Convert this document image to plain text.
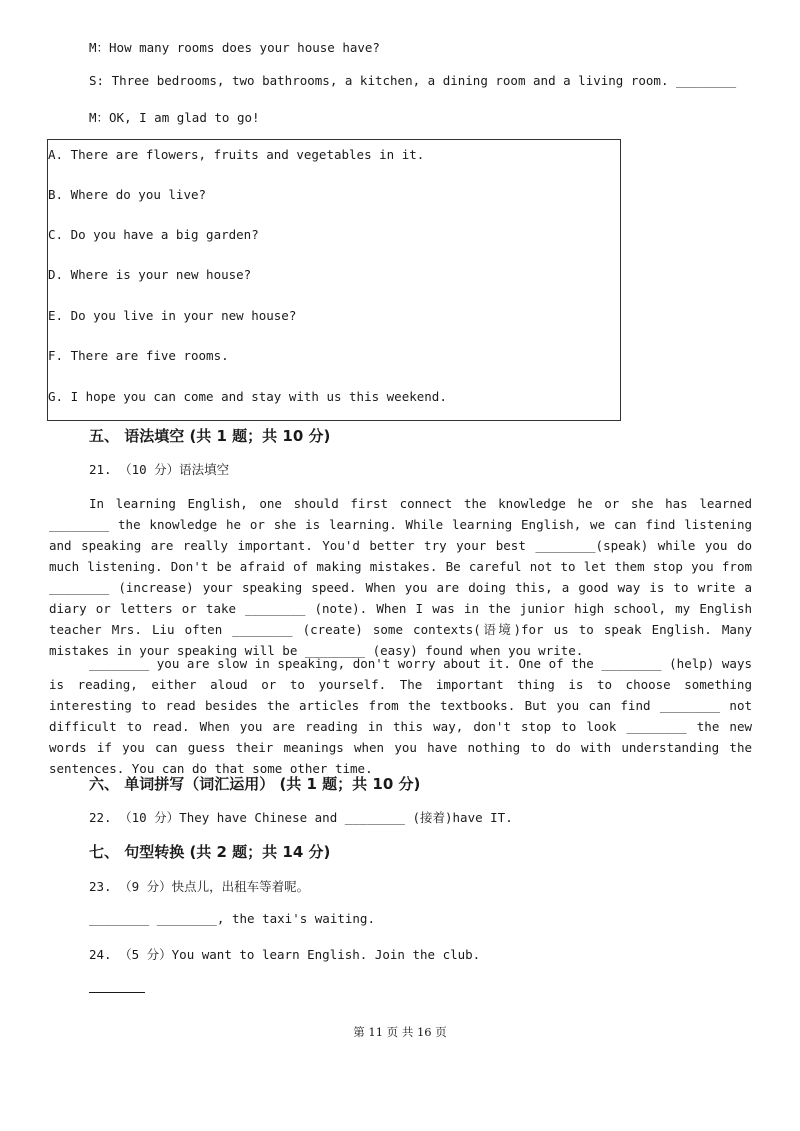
M：How many rooms does your house have?
S: Three bedrooms, two bathrooms, a kitchen, a dining room and a living room. ________
M：OK, I am glad to go!
A. There are flowers, fruits and vegetables in it.
B. Where do you live?
C. Do you have a big garden?
D. Where is your new house?
E. Do you live in your new house?
F. There are five rooms.
G. I hope you can come and stay with us this weekend.
五、 语法填空 (共 1 题；共 10 分)
21. （10 分）语法填空

In learning English, one should first connect the knowledge he or she has learned ________ the knowledge he or she is learning. While learning English, we can find listening and speaking are really important. You'd better try your best ________(speak) while you do much listening. Don't be afraid of making mistakes. Be careful not to let them stop you from ________ (increase) your speaking speed. When you are doing this, a good way is to write a diary or letters or take ________ (note). When I was in the junior high school, my English teacher Mrs. Liu often ________ (create) some contexts(语境)for us to speak English. Many mistakes in your speaking will be ________ (easy) found when you write.

________ you are slow in speaking, don't worry about it. One of the ________ (help) ways is reading, either aloud or to yourself. The important thing is to choose something interesting to read besides the articles from the textbooks. But you can find ________ not difficult to read. When you are reading in this way, don't stop to look ________ the new words if you can guess their meanings when you have nothing to do with understanding the sentences. You can do that some other time.

六、 单词拼写（词汇运用） (共 1 题；共 10 分)
22. （10 分）They have Chinese and ________ (接着)have IT.
七、 句型转换 (共 2 题；共 14 分)
23. （9 分）快点儿，出租车等着呢。
________ ________, the taxi's waiting.
24. （5 分）You want to learn English. Join the club.
第 11 页 共 16 页
